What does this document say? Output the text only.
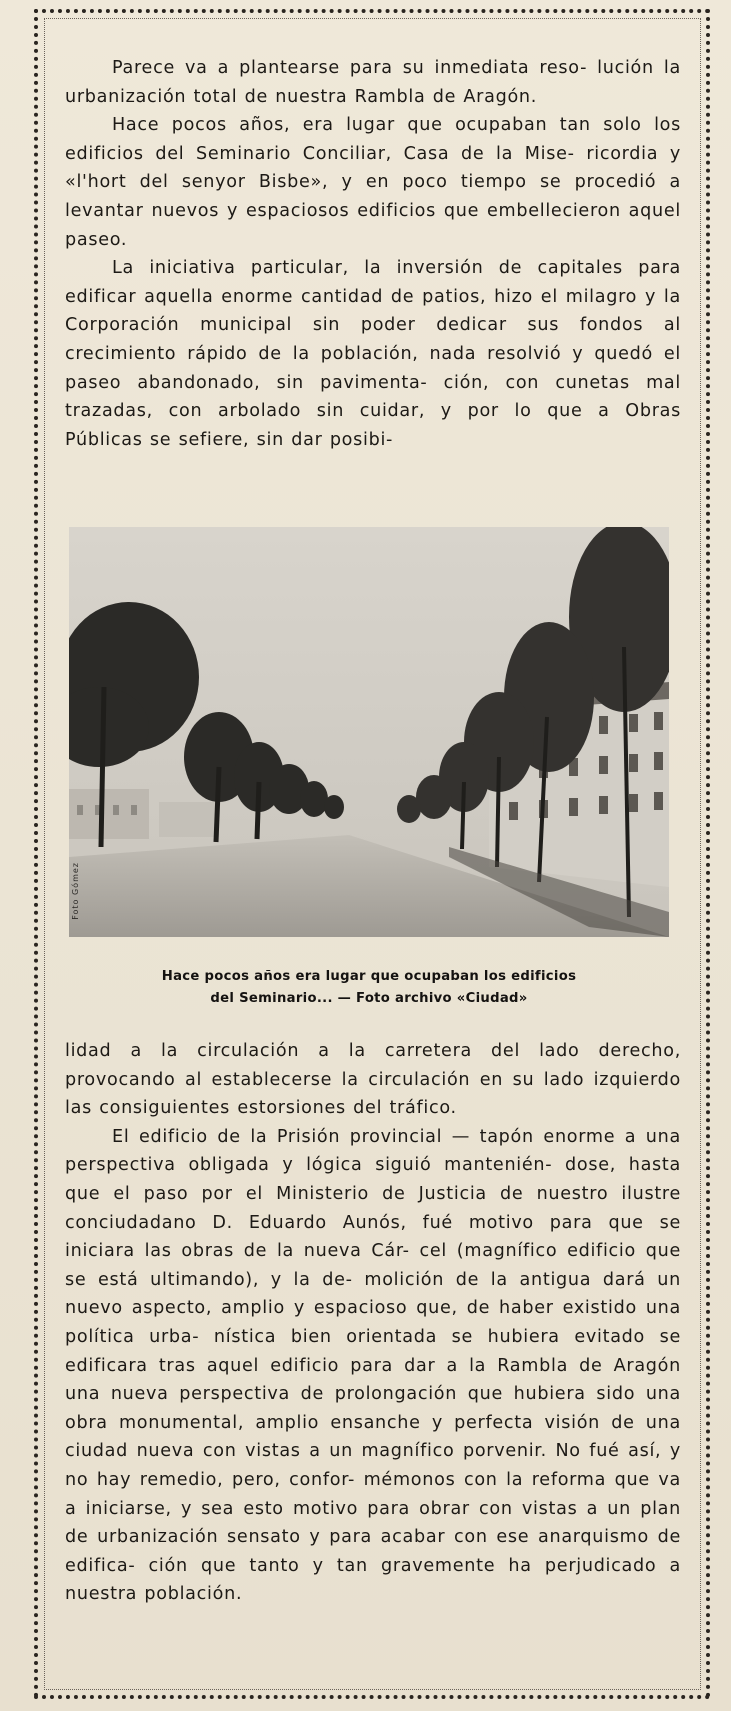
Parece va a plantearse para su inmediata reso- lución la urbanización total de nuestra Rambla de Aragón.

Hace pocos años, era lugar que ocupaban tan solo los edificios del Seminario Conciliar, Casa de la Mise- ricordia y «l'hort del senyor Bisbe», y en poco tiempo se procedió a levantar nuevos y espaciosos edificios que embellecieron aquel paseo.

La iniciativa particular, la inversión de capitales para edificar aquella enorme cantidad de patios, hizo el milagro y la Corporación municipal sin poder dedicar sus fondos al crecimiento rápido de la población, nada resolvió y quedó el paseo abandonado, sin pavimenta- ción, con cunetas mal trazadas, con arbolado sin cuidar, y por lo que a Obras Públicas se sefiere, sin dar posibi-

Foto Gómez
Hace pocos años era lugar que ocupaban los edificios
del Seminario... — Foto archivo «Ciudad»

lidad a la circulación a la carretera del lado derecho, provocando al establecerse la circulación en su lado izquierdo las consiguientes estorsiones del tráfico.

El edificio de la Prisión provincial — tapón enorme a una perspectiva obligada y lógica siguió mantenién- dose, hasta que el paso por el Ministerio de Justicia de nuestro ilustre conciudadano D. Eduardo Aunós, fué motivo para que se iniciara las obras de la nueva Cár- cel (magnífico edificio que se está ultimando), y la de- molición de la antigua dará un nuevo aspecto, amplio y espacioso que, de haber existido una política urba- nística bien orientada se hubiera evitado se edificara tras aquel edificio para dar a la Rambla de Aragón una nueva perspectiva de prolongación que hubiera sido una obra monumental, amplio ensanche y perfecta visión de una ciudad nueva con vistas a un magnífico porvenir. No fué así, y no hay remedio, pero, confor- mémonos con la reforma que va a iniciarse, y sea esto motivo para obrar con vistas a un plan de urbanización sensato y para acabar con ese anarquismo de edifica- ción que tanto y tan gravemente ha perjudicado a nuestra población.
